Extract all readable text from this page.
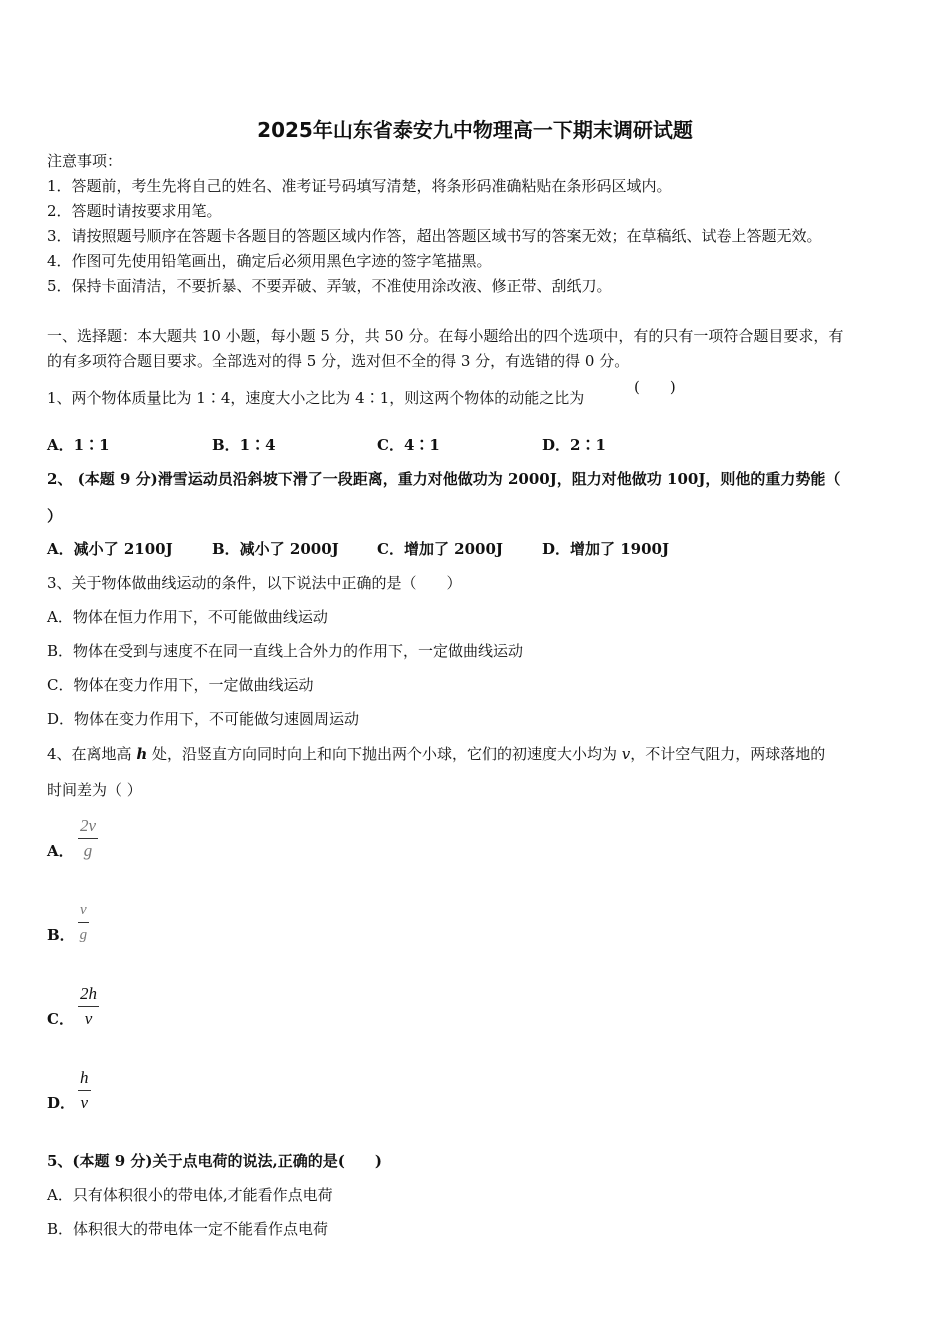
2025年山东省泰安九中物理高一下期末调研试题
注意事项：
1．答题前，考生先将自己的姓名、准考证号码填写清楚，将条形码准确粘贴在条形码区域内。
2．答题时请按要求用笔。
3．请按照题号顺序在答题卡各题目的答题区域内作答，超出答题区域书写的答案无效；在草稿纸、试卷上答题无效。
4．作图可先使用铅笔画出，确定后必须用黑色字迹的签字笔描黑。
5．保持卡面清洁，不要折暴、不要弄破、弄皱，不准使用涂改液、修正带、刮纸刀。
一、选择题：本大题共 10 小题，每小题 5 分，共 50 分。在每小题给出的四个选项中，有的只有一项符合题目要求，有
的有多项符合题目要求。全部选对的得 5 分，选对但不全的得 3 分，有选错的得 0 分。
1、两个物体质量比为 1∶4，速度大小之比为 4∶1，则这两个物体的动能之比为
(　　)
A．1∶1	B．1∶4	C．4∶1	D．2∶1
2、 (本题 9 分)滑雪运动员沿斜坡下滑了一段距离，重力对他做功为 2000J，阻力对他做功 100J，则他的重力势能（
）
A．减小了 2100J	B．减小了 2000J	C．增加了 2000J	D．增加了 1900J
3、关于物体做曲线运动的条件，以下说法中正确的是（　　）
A．物体在恒力作用下，不可能做曲线运动
B．物体在受到与速度不在同一直线上合外力的作用下，一定做曲线运动
C．物体在变力作用下，一定做曲线运动
D．物体在变力作用下，不可能做匀速圆周运动
4、在离地高 h 处，沿竖直方向同时向上和向下抛出两个小球，它们的初速度大小均为 v，不计空气阻力，两球落地的
时间差为（ ）
A．
2v
g
B．
v
g
C．
2h
v
D．
h
v
5、(本题 9 分)关于点电荷的说法,正确的是(　　)
A．只有体积很小的带电体,才能看作点电荷
B．体积很大的带电体一定不能看作点电荷
